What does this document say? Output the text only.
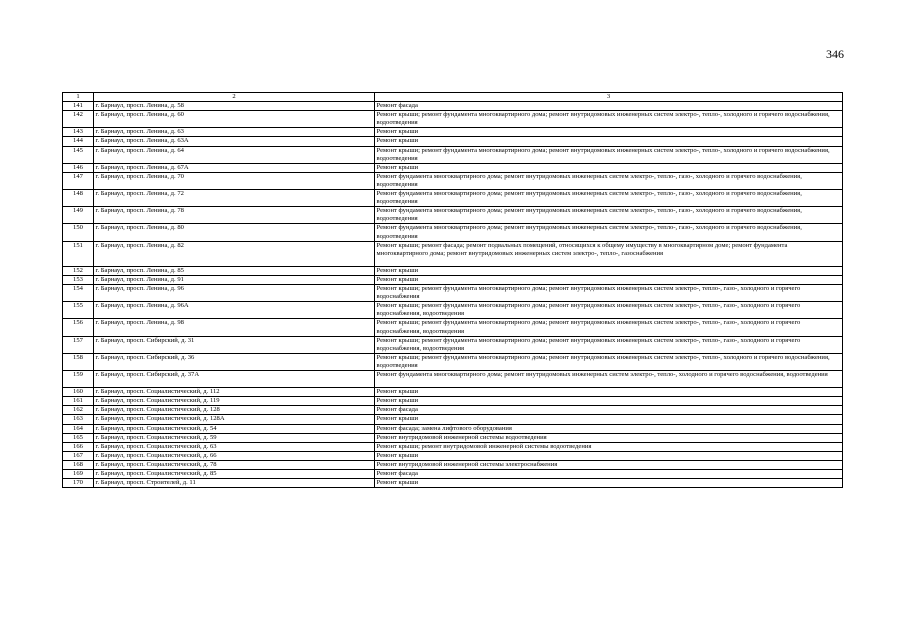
346
1	2	3
141	г. Барнаул, просп. Ленина, д. 58	Ремонт фасада
142	г. Барнаул, просп. Ленина, д. 60	Ремонт крыши; ремонт фундамента многоквартирного дома; ремонт внутридомовых инженерных систем электро-, тепло-, холодного и горячего водоснабжения, водоотведения
143	г. Барнаул, просп. Ленина, д. 63	Ремонт крыши
144	г. Барнаул, просп. Ленина, д. 63А	Ремонт крыши
145	г. Барнаул, просп. Ленина, д. 64	Ремонт крыши; ремонт фундамента многоквартирного дома; ремонт внутридомовых инженерных систем электро-, тепло-, холодного и горячего водоснабжения, водоотведения
146	г. Барнаул, просп. Ленина, д. 67А	Ремонт крыши
147	г. Барнаул, просп. Ленина, д. 70	Ремонт фундамента многоквартирного дома; ремонт внутридомовых инженерных систем электро-, тепло-, газо-, холодного и горячего водоснабжения, водоотведения
148	г. Барнаул, просп. Ленина, д. 72	Ремонт фундамента многоквартирного дома; ремонт внутридомовых инженерных систем электро-, тепло-, газо-, холодного и горячего водоснабжения, водоотведения
149	г. Барнаул, просп. Ленина, д. 78	Ремонт фундамента многоквартирного дома; ремонт внутридомовых инженерных систем электро-, тепло-, газо-, холодного и горячего водоснабжения, водоотведения
150	г. Барнаул, просп. Ленина, д. 80	Ремонт фундамента многоквартирного дома; ремонт внутридомовых инженерных систем электро-, тепло-, газо-, холодного и горячего водоснабжения, водоотведения
151	г. Барнаул, просп. Ленина, д. 82	Ремонт крыши; ремонт фасада; ремонт подвальных помещений, относящихся к общему имуществу в многоквартирном доме; ремонт фундамента многоквартирного дома; ремонт внутридомовых инженерных систем электро-, тепло-, газоснабжения
152	г. Барнаул, просп. Ленина, д. 85	Ремонт крыши
153	г. Барнаул, просп. Ленина, д. 91	Ремонт крыши
154	г. Барнаул, просп. Ленина, д. 96	Ремонт крыши; ремонт фундамента многоквартирного дома; ремонт внутридомовых инженерных систем электро-, тепло-, газо-, холодного и горячего водоснабжения
155	г. Барнаул, просп. Ленина, д. 96А	Ремонт крыши; ремонт фундамента многоквартирного дома; ремонт внутридомовых инженерных систем электро-, тепло-, газо-, холодного и горячего водоснабжения, водоотведения
156	г. Барнаул, просп. Ленина, д. 98	Ремонт крыши; ремонт фундамента многоквартирного дома; ремонт внутридомовых инженерных систем электро-, тепло-, газо-, холодного и горячего водоснабжения, водоотведения
157	г. Барнаул, просп. Сибирский, д. 31	Ремонт крыши; ремонт фундамента многоквартирного дома; ремонт внутридомовых инженерных систем электро-, тепло-, газо-, холодного и горячего водоснабжения, водоотведения
158	г. Барнаул, просп. Сибирский, д. 36	Ремонт крыши; ремонт фундамента многоквартирного дома; ремонт внутридомовых инженерных систем электро-, тепло-, холодного и горячего водоснабжения, водоотведения
159	г. Барнаул, просп. Сибирский, д. 37А	Ремонт фундамента многоквартирного дома; ремонт внутридомовых инженерных систем электро-, тепло-, холодного и горячего водоснабжения, водоотведения
160	г. Барнаул, просп. Социалистический, д. 112	Ремонт крыши
161	г. Барнаул, просп. Социалистический, д. 119	Ремонт крыши
162	г. Барнаул, просп. Социалистический, д. 128	Ремонт фасада
163	г. Барнаул, просп. Социалистический, д. 128А	Ремонт крыши
164	г. Барнаул, просп. Социалистический, д. 54	Ремонт фасада; замена лифтового оборудования
165	г. Барнаул, просп. Социалистический, д. 59	Ремонт внутридомовой инженерной системы водоотведения
166	г. Барнаул, просп. Социалистический, д. 63	Ремонт крыши; ремонт внутридомовой инженерной системы водоотведения
167	г. Барнаул, просп. Социалистический, д. 66	Ремонт крыши
168	г. Барнаул, просп. Социалистический, д. 78	Ремонт внутридомовой инженерной системы электроснабжения
169	г. Барнаул, просп. Социалистический, д. 85	Ремонт фасада
170	г. Барнаул, просп. Строителей, д. 11	Ремонт крыши
